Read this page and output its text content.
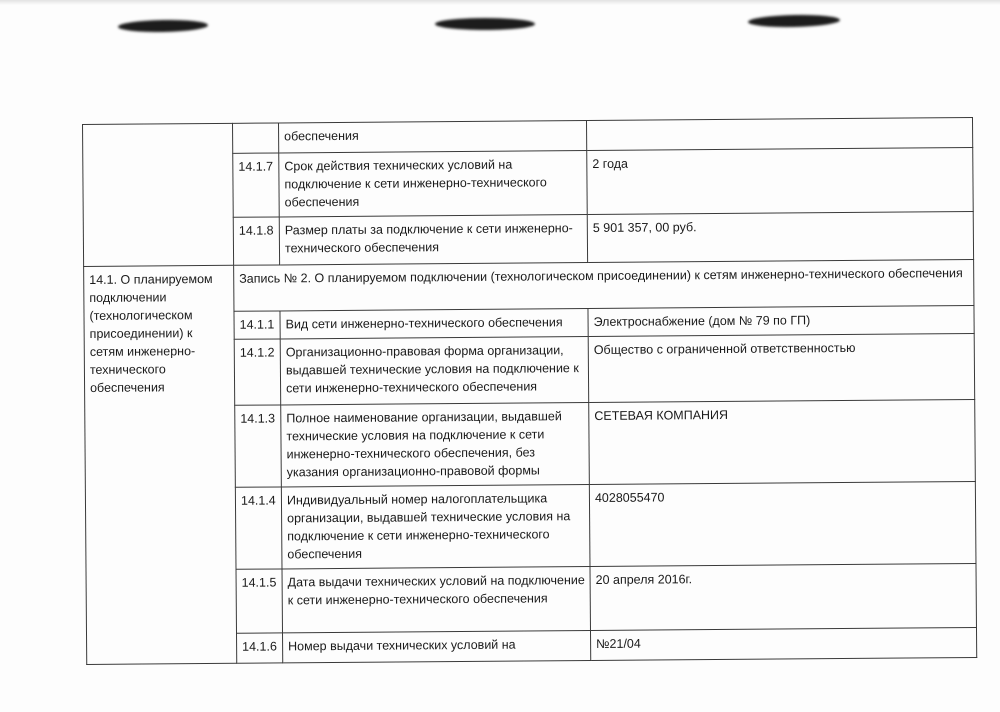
		обеспечения	
	14.1.7	Срок действия технических условий на подключение к сети инженерно-технического обеспечения	2 года
	14.1.8	Размер платы за подключение к сети инженерно-технического обеспечения	5 901 357, 00 руб.
14.1. О планируемом подключении (технологическом присоединении) к сетям инженерно-технического обеспечения	Запись № 2. О планируемом подключении (технологическом присоединении) к сетям инженерно-технического обеспечения		
	14.1.1	Вид сети инженерно-технического обеспечения	Электроснабжение (дом № 79 по ГП)
	14.1.2	Организационно-правовая форма организации, выдавшей технические условия на подключение к сети инженерно-технического обеспечения	Общество с ограниченной ответственностью
	14.1.3	Полное наименование организации, выдавшей технические условия на подключение к сети инженерно-технического обеспечения, без указания организационно-правовой формы	СЕТЕВАЯ КОМПАНИЯ
	14.1.4	Индивидуальный номер налогоплательщика организации, выдавшей технические условия на подключение к сети инженерно-технического обеспечения	4028055470
	14.1.5	Дата выдачи технических условий на подключение к сети инженерно-технического обеспечения	20 апреля 2016г.
	14.1.6	Номер выдачи технических условий на	№21/04
